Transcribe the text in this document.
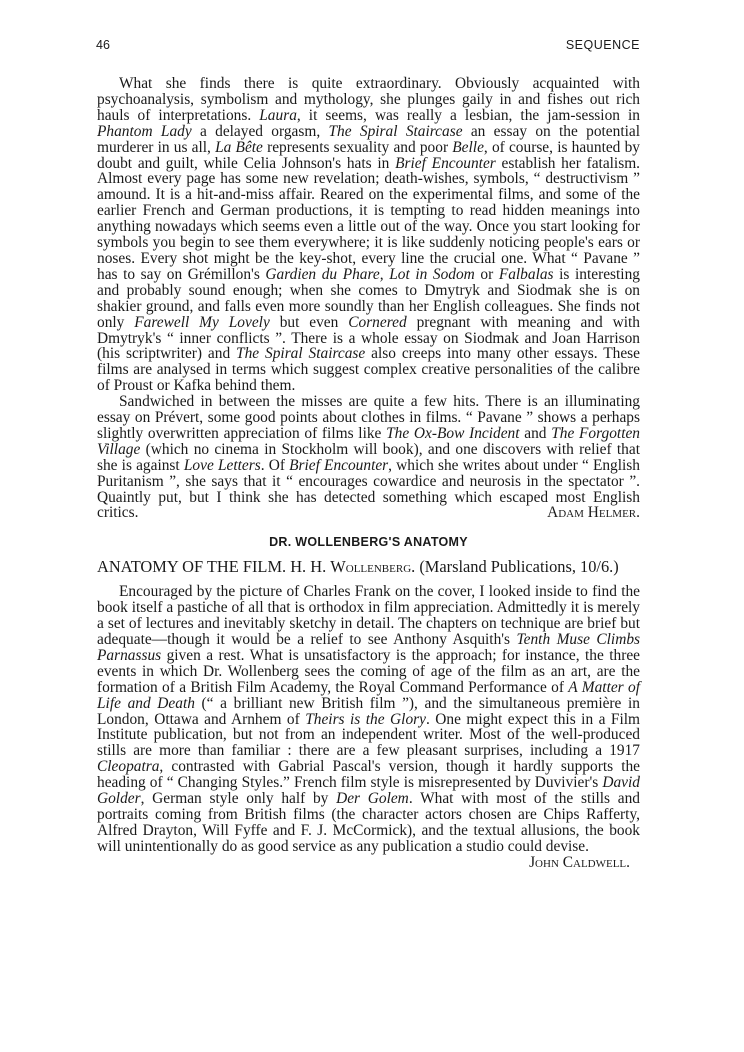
46	SEQUENCE

What she finds there is quite extraordinary. Obviously acquainted with psychoanalysis, symbolism and mythology, she plunges gaily in and fishes out rich hauls of interpretations. Laura, it seems, was really a lesbian, the jam-session in Phantom Lady a delayed orgasm, The Spiral Staircase an essay on the potential murderer in us all, La Bête represents sexuality and poor Belle, of course, is haunted by doubt and guilt, while Celia Johnson's hats in Brief Encounter establish her fatalism. Almost every page has some new revelation; death-wishes, symbols, “ destructivism ” amound. It is a hit-and-miss affair. Reared on the experimental films, and some of the earlier French and German productions, it is tempting to read hidden meanings into anything nowadays which seems even a little out of the way. Once you start looking for symbols you begin to see them everywhere; it is like suddenly noticing people's ears or noses. Every shot might be the key-shot, every line the crucial one. What “ Pavane ” has to say on Grémillon's Gardien du Phare, Lot in Sodom or Falbalas is interesting and probably sound enough; when she comes to Dmytryk and Siodmak she is on shakier ground, and falls even more soundly than her English colleagues. She finds not only Farewell My Lovely but even Cornered pregnant with meaning and with Dmytryk's “ inner conflicts ”. There is a whole essay on Siodmak and Joan Harrison (his scriptwriter) and The Spiral Staircase also creeps into many other essays. These films are analysed in terms which suggest complex creative personalities of the calibre of Proust or Kafka behind them.

Sandwiched in between the misses are quite a few hits. There is an illuminating essay on Prévert, some good points about clothes in films. “ Pavane ” shows a perhaps slightly overwritten appreciation of films like The Ox-Bow Incident and The Forgotten Village (which no cinema in Stockholm will book), and one discovers with relief that she is against Love Letters. Of Brief Encounter, which she writes about under “ English Puritanism ”, she says that it “ encourages cowardice and neurosis in the spectator ”. Quaintly put, but I think she has detected something which escaped most English critics.	Adam Helmer.
DR. WOLLENBERG'S ANATOMY
ANATOMY OF THE FILM. H. H. Wollenberg. (Marsland Publications, 10/6.)

Encouraged by the picture of Charles Frank on the cover, I looked inside to find the book itself a pastiche of all that is orthodox in film appreciation. Admittedly it is merely a set of lectures and inevitably sketchy in detail. The chapters on technique are brief but adequate—though it would be a relief to see Anthony Asquith's Tenth Muse Climbs Parnassus given a rest. What is unsatisfactory is the approach; for instance, the three events in which Dr. Wollenberg sees the coming of age of the film as an art, are the formation of a British Film Academy, the Royal Command Performance of A Matter of Life and Death (“ a brilliant new British film ”), and the simultaneous première in London, Ottawa and Arnhem of Theirs is the Glory. One might expect this in a Film Institute publication, but not from an independent writer. Most of the well-produced stills are more than familiar : there are a few pleasant surprises, including a 1917 Cleopatra, contrasted with Gabrial Pascal's version, though it hardly supports the heading of “ Changing Styles.” French film style is misrepresented by Duvivier's David Golder, German style only half by Der Golem. What with most of the stills and portraits coming from British films (the character actors chosen are Chips Rafferty, Alfred Drayton, Will Fyffe and F. J. McCormick), and the textual allusions, the book will unintentionally do as good service as any publication a studio could devise.

John Caldwell.
